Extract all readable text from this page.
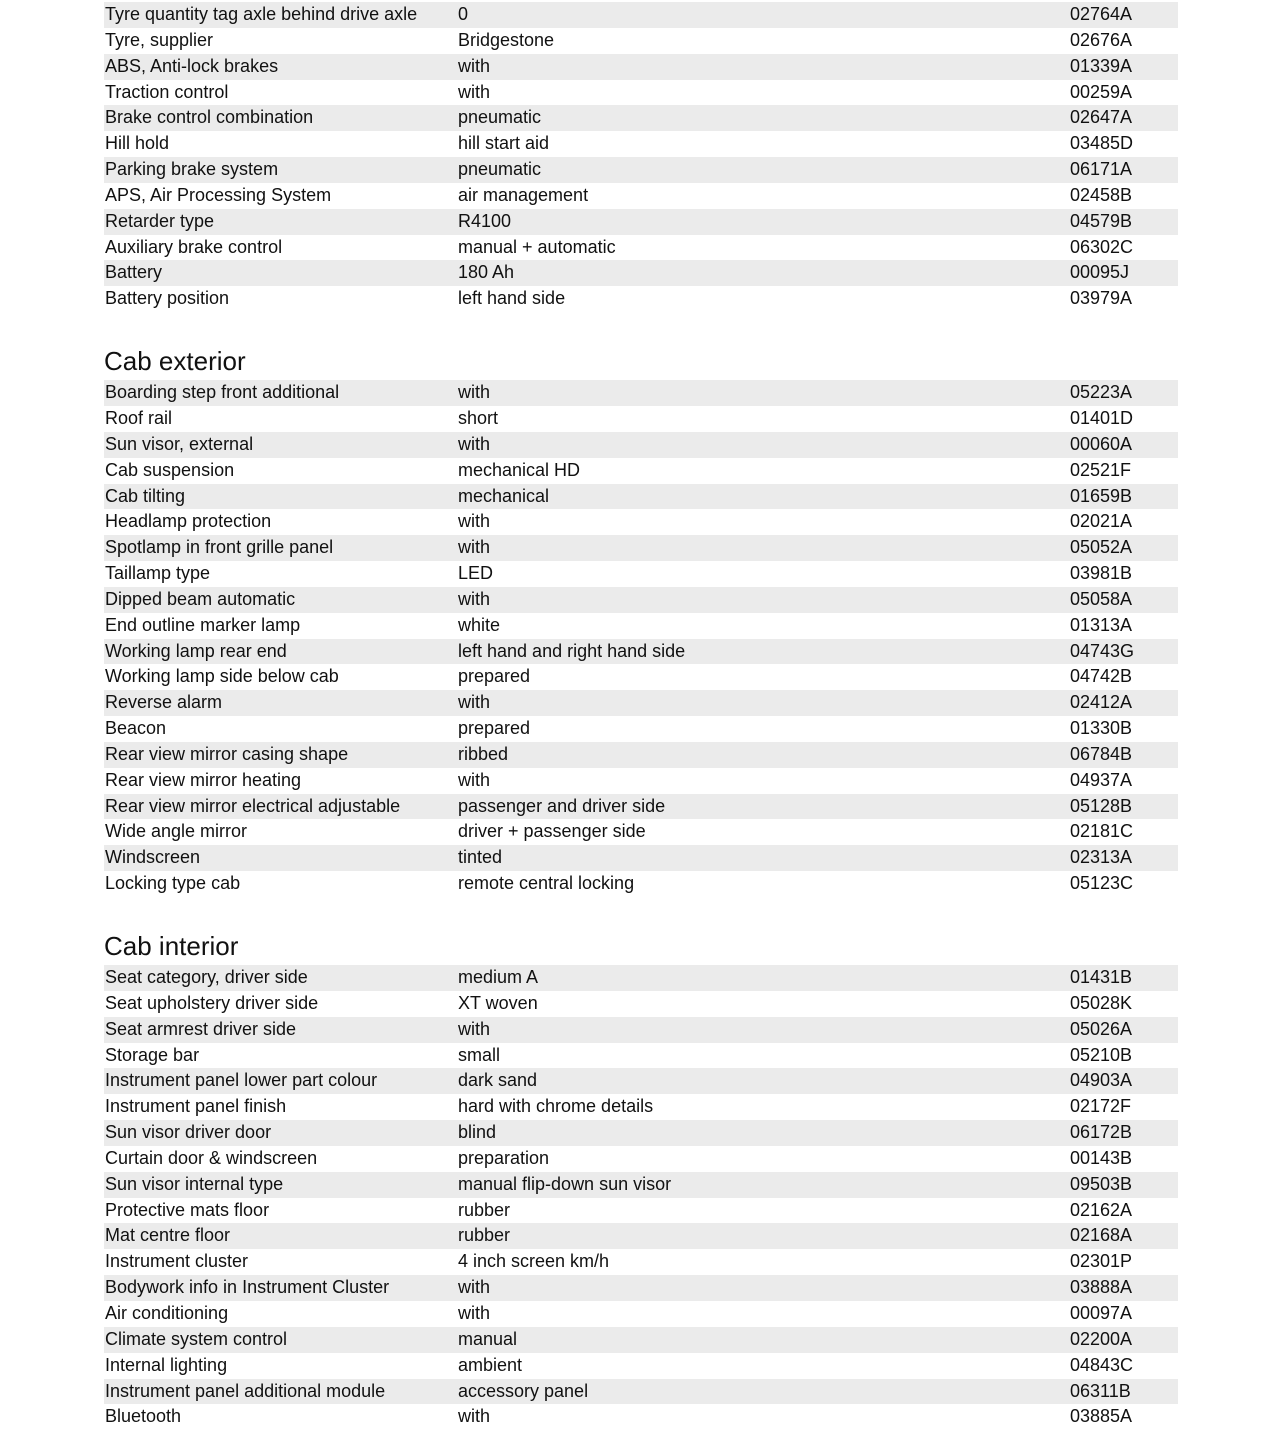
Tyre quantity tag axle behind drive axle	0	02764A
Tyre, supplier	Bridgestone	02676A
ABS, Anti-lock brakes	with	01339A
Traction control	with	00259A
Brake control combination	pneumatic	02647A
Hill hold	hill start aid	03485D
Parking brake system	pneumatic	06171A
APS, Air Processing System	air management	02458B
Retarder type	R4100	04579B
Auxiliary brake control	manual + automatic	06302C
Battery	180 Ah	00095J
Battery position	left hand side	03979A
Cab exterior
Boarding step front additional	with	05223A
Roof rail	short	01401D
Sun visor, external	with	00060A
Cab suspension	mechanical HD	02521F
Cab tilting	mechanical	01659B
Headlamp protection	with	02021A
Spotlamp in front grille panel	with	05052A
Taillamp type	LED	03981B
Dipped beam automatic	with	05058A
End outline marker lamp	white	01313A
Working lamp rear end	left hand and right hand side	04743G
Working lamp side below cab	prepared	04742B
Reverse alarm	with	02412A
Beacon	prepared	01330B
Rear view mirror casing shape	ribbed	06784B
Rear view mirror heating	with	04937A
Rear view mirror electrical adjustable	passenger and driver side	05128B
Wide angle mirror	driver + passenger side	02181C
Windscreen	tinted	02313A
Locking type cab	remote central locking	05123C
Cab interior
Seat category, driver side	medium A	01431B
Seat upholstery driver side	XT woven	05028K
Seat armrest driver side	with	05026A
Storage bar	small	05210B
Instrument panel lower part colour	dark sand	04903A
Instrument panel finish	hard with chrome details	02172F
Sun visor driver door	blind	06172B
Curtain door & windscreen	preparation	00143B
Sun visor internal type	manual flip-down sun visor	09503B
Protective mats floor	rubber	02162A
Mat centre floor	rubber	02168A
Instrument cluster	4 inch screen km/h	02301P
Bodywork info in Instrument Cluster	with	03888A
Air conditioning	with	00097A
Climate system control	manual	02200A
Internal lighting	ambient	04843C
Instrument panel additional module	accessory panel	06311B
Bluetooth	with	03885A
